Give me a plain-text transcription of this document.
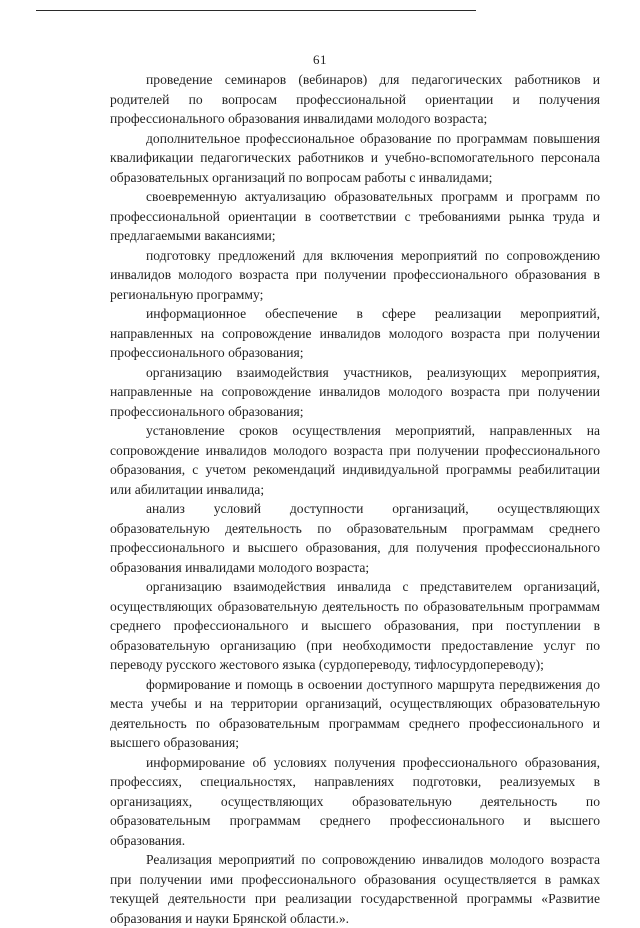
61

проведение семинаров (вебинаров) для педагогических работников и родителей по вопросам профессиональной ориентации и получения профессионального образования инвалидами молодого возраста;

дополнительное профессиональное образование по программам повышения квалификации педагогических работников и учебно-вспомогательного персонала образовательных организаций по вопросам работы с инвалидами;

своевременную актуализацию образовательных программ и программ по профессиональной ориентации в соответствии с требованиями рынка труда и предлагаемыми вакансиями;

подготовку предложений для включения мероприятий по сопровождению инвалидов молодого возраста при получении профессионального образования в региональную программу;

информационное обеспечение в сфере реализации мероприятий, направленных на сопровождение инвалидов молодого возраста при получении профессионального образования;

организацию взаимодействия участников, реализующих мероприятия, направленные на сопровождение инвалидов молодого возраста при получении профессионального образования;

установление сроков осуществления мероприятий, направленных на сопровождение инвалидов молодого возраста при получении профессионального образования, с учетом рекомендаций индивидуальной программы реабилитации или абилитации инвалида;

анализ условий доступности организаций, осуществляющих образовательную деятельность по образовательным программам среднего профессионального и высшего образования, для получения профессионального образования инвалидами молодого возраста;

организацию взаимодействия инвалида с представителем организаций, осуществляющих образовательную деятельность по образовательным программам среднего профессионального и высшего образования, при поступлении в образовательную организацию (при необходимости предоставление услуг по переводу русского жестового языка (сурдопереводу, тифлосурдопереводу);

формирование и помощь в освоении доступного маршрута передвижения до места учебы и на территории организаций, осуществляющих образовательную деятельность по образовательным программам среднего профессионального и высшего образования;

информирование об условиях получения профессионального образования, профессиях, специальностях, направлениях подготовки, реализуемых в организациях, осуществляющих образовательную деятельность по образовательным программам среднего профессионального и высшего образования.

Реализация мероприятий по сопровождению инвалидов молодого возраста при получении ими профессионального образования осуществляется в рамках текущей деятельности при реализации государственной программы «Развитие образования и науки Брянской области.».
